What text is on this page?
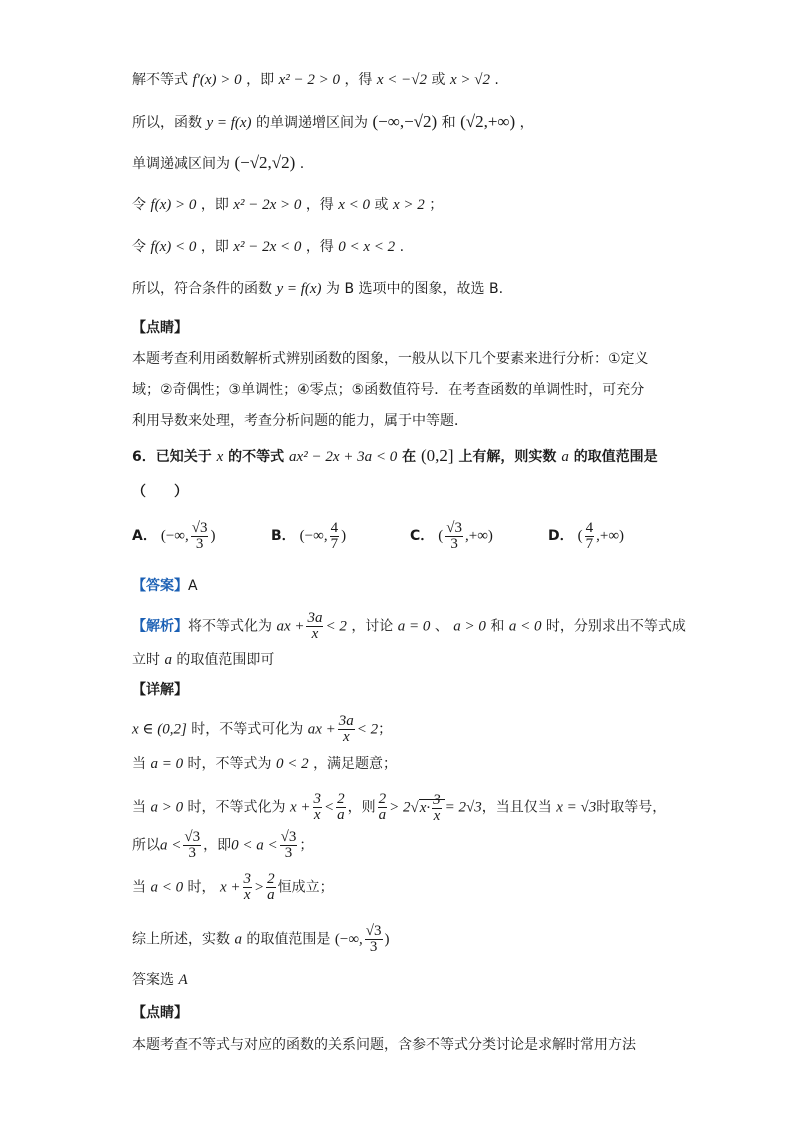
解不等式 f′(x) > 0 ，即 x² − 2 > 0 ，得 x < −√2 或 x > √2 .
所以，函数 y = f(x) 的单调递增区间为 (−∞,−√2) 和 (√2,+∞) ，
单调递减区间为 (−√2,√2) .
令 f(x) > 0 ，即 x² − 2x > 0 ，得 x < 0 或 x > 2 ；
令 f(x) < 0 ，即 x² − 2x < 0 ，得 0 < x < 2 .
所以，符合条件的函数 y = f(x) 为 B 选项中的图象，故选 B.
【点睛】
本题考查利用函数解析式辨别函数的图象，一般从以下几个要素来进行分析：①定义
域；②奇偶性；③单调性；④零点；⑤函数值符号．在考查函数的单调性时，可充分
利用导数来处理，考查分析问题的能力，属于中等题．
6．已知关于 x 的不等式 ax² − 2x + 3a < 0 在 (0,2] 上有解，则实数 a 的取值范围是
（　　）
A． (−∞, $\frac{√3}{3}$ )	B． (−∞, $\frac{4}{7}$ )	C． ( $\frac{√3}{3}$ ,+∞)	D． ( $\frac{4}{7}$ ,+∞)
【答案】A
【解析】将不等式化为 ax + $\frac{3a}{x} < 2$ ，讨论 a = 0 、 a > 0 和 a < 0 时，分别求出不等式成
立时 a 的取值范围即可
【详解】
x ∈ (0,2] 时，不等式可化为 ax + $\frac{3a}{x} < 2$；
当 a = 0 时，不等式为 0 < 2 ，满足题意；
当 a > 0 时，不等式化为 $x + \frac{3}{x} < \frac{2}{a}$ ，则 $\frac{2}{a} > 2√x\cdot \frac{3}{x} = 2√3$，当且仅当 x = √3时取等号，
所以$a < \frac{√3}{3}$ ，即$0 < a < \frac{√3}{3}$ ；
当 a < 0 时， $x + \frac{3}{x} > \frac{2}{a}$ 恒成立；
综上所述，实数 a 的取值范围是 (−∞, $\frac{√3}{3}$ )
答案选 A
【点睛】
本题考查不等式与对应的函数的关系问题，含参不等式分类讨论是求解时常用方法
